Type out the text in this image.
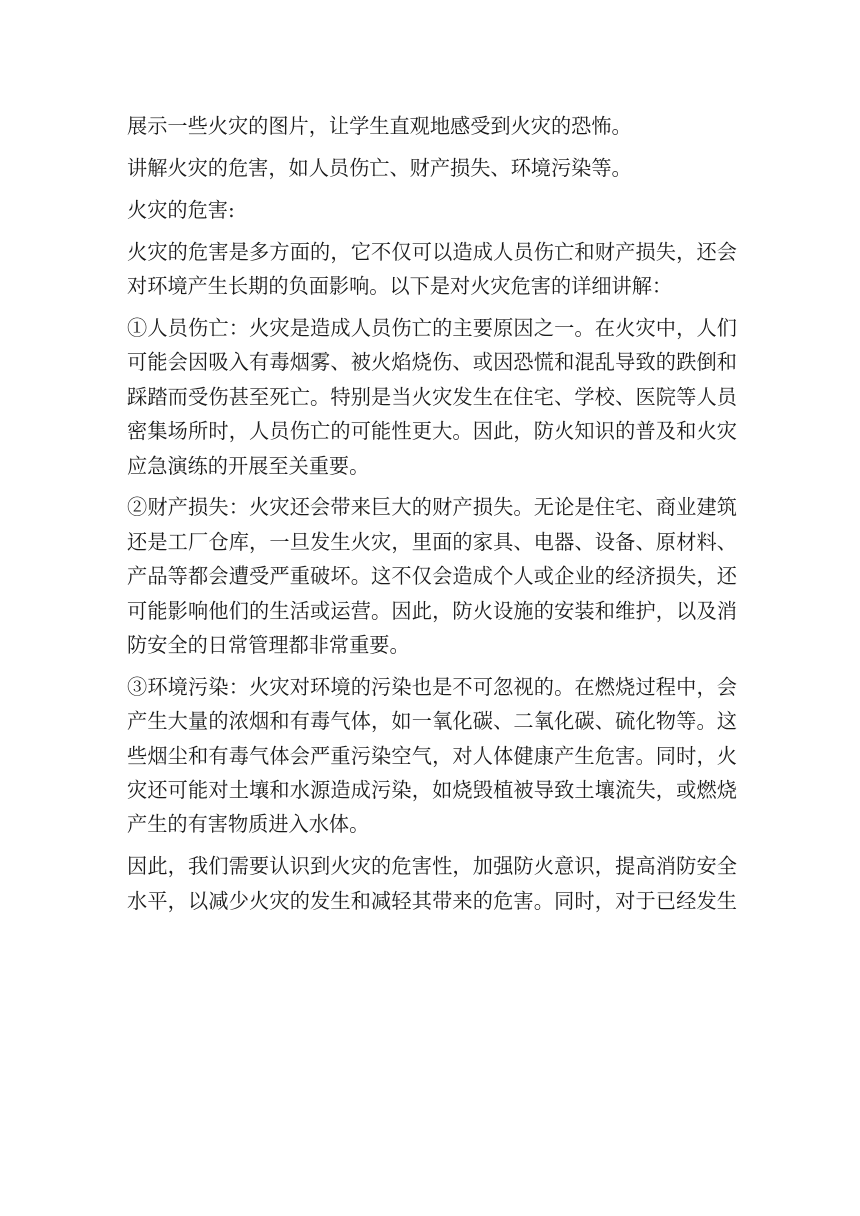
展示一些火灾的图片，让学生直观地感受到火灾的恐怖。
讲解火灾的危害，如人员伤亡、财产损失、环境污染等。
火灾的危害:
火灾的危害是多方面的，它不仅可以造成人员伤亡和财产损失，还会
对环境产生长期的负面影响。以下是对火灾危害的详细讲解：
①人员伤亡：火灾是造成人员伤亡的主要原因之一。在火灾中，人们
可能会因吸入有毒烟雾、被火焰烧伤、或因恐慌和混乱导致的跌倒和
踩踏而受伤甚至死亡。特别是当火灾发生在住宅、学校、医院等人员
密集场所时，人员伤亡的可能性更大。因此，防火知识的普及和火灾
应急演练的开展至关重要。
②财产损失：火灾还会带来巨大的财产损失。无论是住宅、商业建筑
还是工厂仓库，一旦发生火灾，里面的家具、电器、设备、原材料、
产品等都会遭受严重破坏。这不仅会造成个人或企业的经济损失，还
可能影响他们的生活或运营。因此，防火设施的安装和维护，以及消
防安全的日常管理都非常重要。
③环境污染：火灾对环境的污染也是不可忽视的。在燃烧过程中，会
产生大量的浓烟和有毒气体，如一氧化碳、二氧化碳、硫化物等。这
些烟尘和有毒气体会严重污染空气，对人体健康产生危害。同时，火
灾还可能对土壤和水源造成污染，如烧毁植被导致土壤流失，或燃烧
产生的有害物质进入水体。
因此，我们需要认识到火灾的危害性，加强防火意识，提高消防安全
水平，以减少火灾的发生和减轻其带来的危害。同时，对于已经发生
